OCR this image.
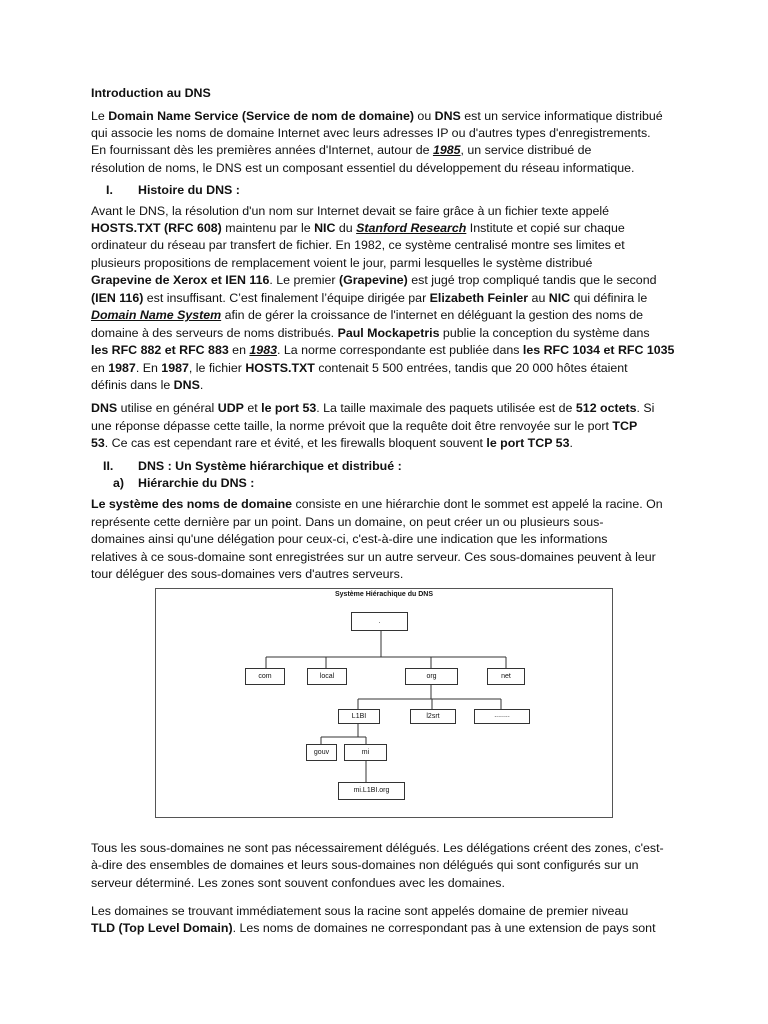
Introduction au DNS
Le Domain Name Service (Service de nom de domaine) ou DNS est un service informatique distribué
qui associe les noms de domaine Internet avec leurs adresses IP ou d'autres types d'enregistrements.
En fournissant dès les premières années d'Internet, autour de 1985, un service distribué de
résolution de noms, le DNS est un composant essentiel du développement du réseau informatique.
I. Histoire du DNS :
Avant le DNS, la résolution d'un nom sur Internet devait se faire grâce à un fichier texte appelé
HOSTS.TXT (RFC 608) maintenu par le NIC du Stanford Research Institute et copié sur chaque
ordinateur du réseau par transfert de fichier. En 1982, ce système centralisé montre ses limites et
plusieurs propositions de remplacement voient le jour, parmi lesquelles le système distribué
Grapevine de Xerox et IEN 116. Le premier (Grapevine) est jugé trop compliqué tandis que le second
(IEN 116) est insuffisant. C’est finalement l’équipe dirigée par Elizabeth Feinler au NIC qui définira le
Domain Name System afin de gérer la croissance de l'internet en déléguant la gestion des noms de
domaine à des serveurs de noms distribués. Paul Mockapetris publie la conception du système dans
les RFC 882 et RFC 883 en 1983. La norme correspondante est publiée dans les RFC 1034 et RFC 1035
en 1987. En 1987, le fichier HOSTS.TXT contenait 5 500 entrées, tandis que 20 000 hôtes étaient
définis dans le DNS.
DNS utilise en général UDP et le port 53. La taille maximale des paquets utilisée est de 512 octets. Si
une réponse dépasse cette taille, la norme prévoit que la requête doit être renvoyée sur le port TCP
53. Ce cas est cependant rare et évité, et les firewalls bloquent souvent le port TCP 53.
II. DNS : Un Système hiérarchique et distribué :
a) Hiérarchie du DNS :
Le système des noms de domaine consiste en une hiérarchie dont le sommet est appelé la racine. On
représente cette dernière par un point. Dans un domaine, on peut créer un ou plusieurs sous-
domaines ainsi qu'une délégation pour ceux-ci, c'est-à-dire une indication que les informations
relatives à ce sous-domaine sont enregistrées sur un autre serveur. Ces sous-domaines peuvent à leur
tour déléguer des sous-domaines vers d'autres serveurs.
Système Hiérachique du DNS
.
com	local	org	net
L1BI	l2srt	........
gouv	mi
mi.L1BI.org
Tous les sous-domaines ne sont pas nécessairement délégués. Les délégations créent des zones, c'est-
à-dire des ensembles de domaines et leurs sous-domaines non délégués qui sont configurés sur un
serveur déterminé. Les zones sont souvent confondues avec les domaines.
Les domaines se trouvant immédiatement sous la racine sont appelés domaine de premier niveau
TLD (Top Level Domain). Les noms de domaines ne correspondant pas à une extension de pays sont
